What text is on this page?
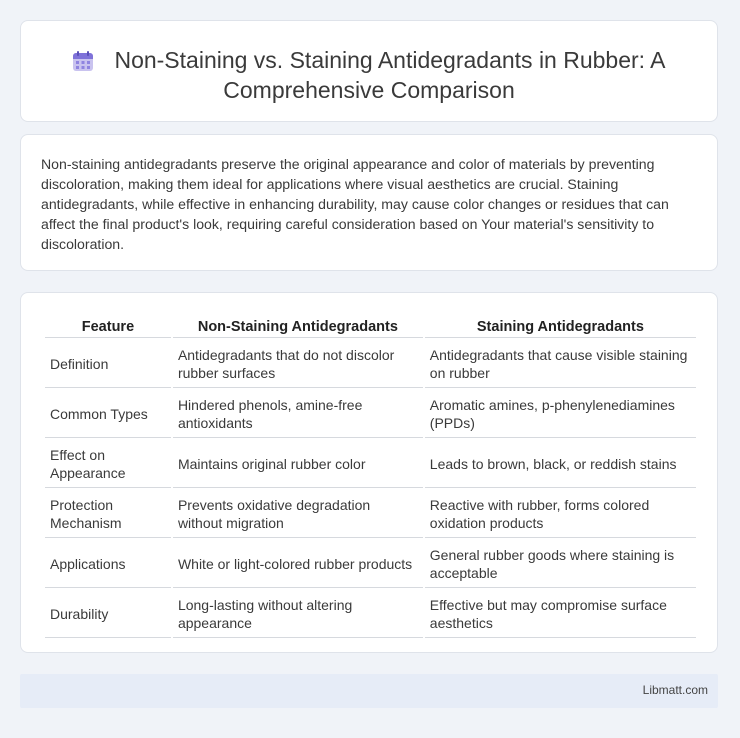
Non-Staining vs. Staining Antidegradants in Rubber: A Comprehensive Comparison

Non-staining antidegradants preserve the original appearance and color of materials by preventing discoloration, making them ideal for applications where visual aesthetics are crucial. Staining antidegradants, while effective in enhancing durability, may cause color changes or residues that can affect the final product's look, requiring careful consideration based on Your material's sensitivity to discoloration.

Feature	Non-Staining Antidegradants	Staining Antidegradants
Definition	Antidegradants that do not discolor rubber surfaces	Antidegradants that cause visible staining on rubber
Common Types	Hindered phenols, amine-free antioxidants	Aromatic amines, p-phenylenediamines (PPDs)
Effect on Appearance	Maintains original rubber color	Leads to brown, black, or reddish stains
Protection Mechanism	Prevents oxidative degradation without migration	Reactive with rubber, forms colored oxidation products
Applications	White or light-colored rubber products	General rubber goods where staining is acceptable
Durability	Long-lasting without altering appearance	Effective but may compromise surface aesthetics
Libmatt.com
